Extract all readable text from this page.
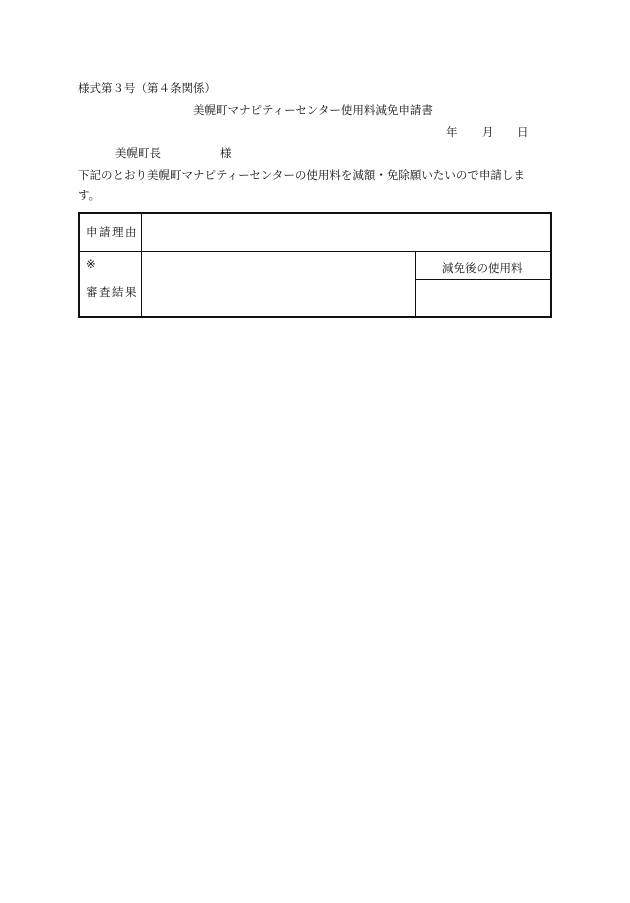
様式第３号（第４条関係）
美幌町マナピティーセンター使用料減免申請書
年 月 日
美幌町長	様
下記のとおり美幌町マナピティーセンターの使用料を減額・免除願いたいので申請しま
す。
申請理由
※
審査結果
減免後の使用料
